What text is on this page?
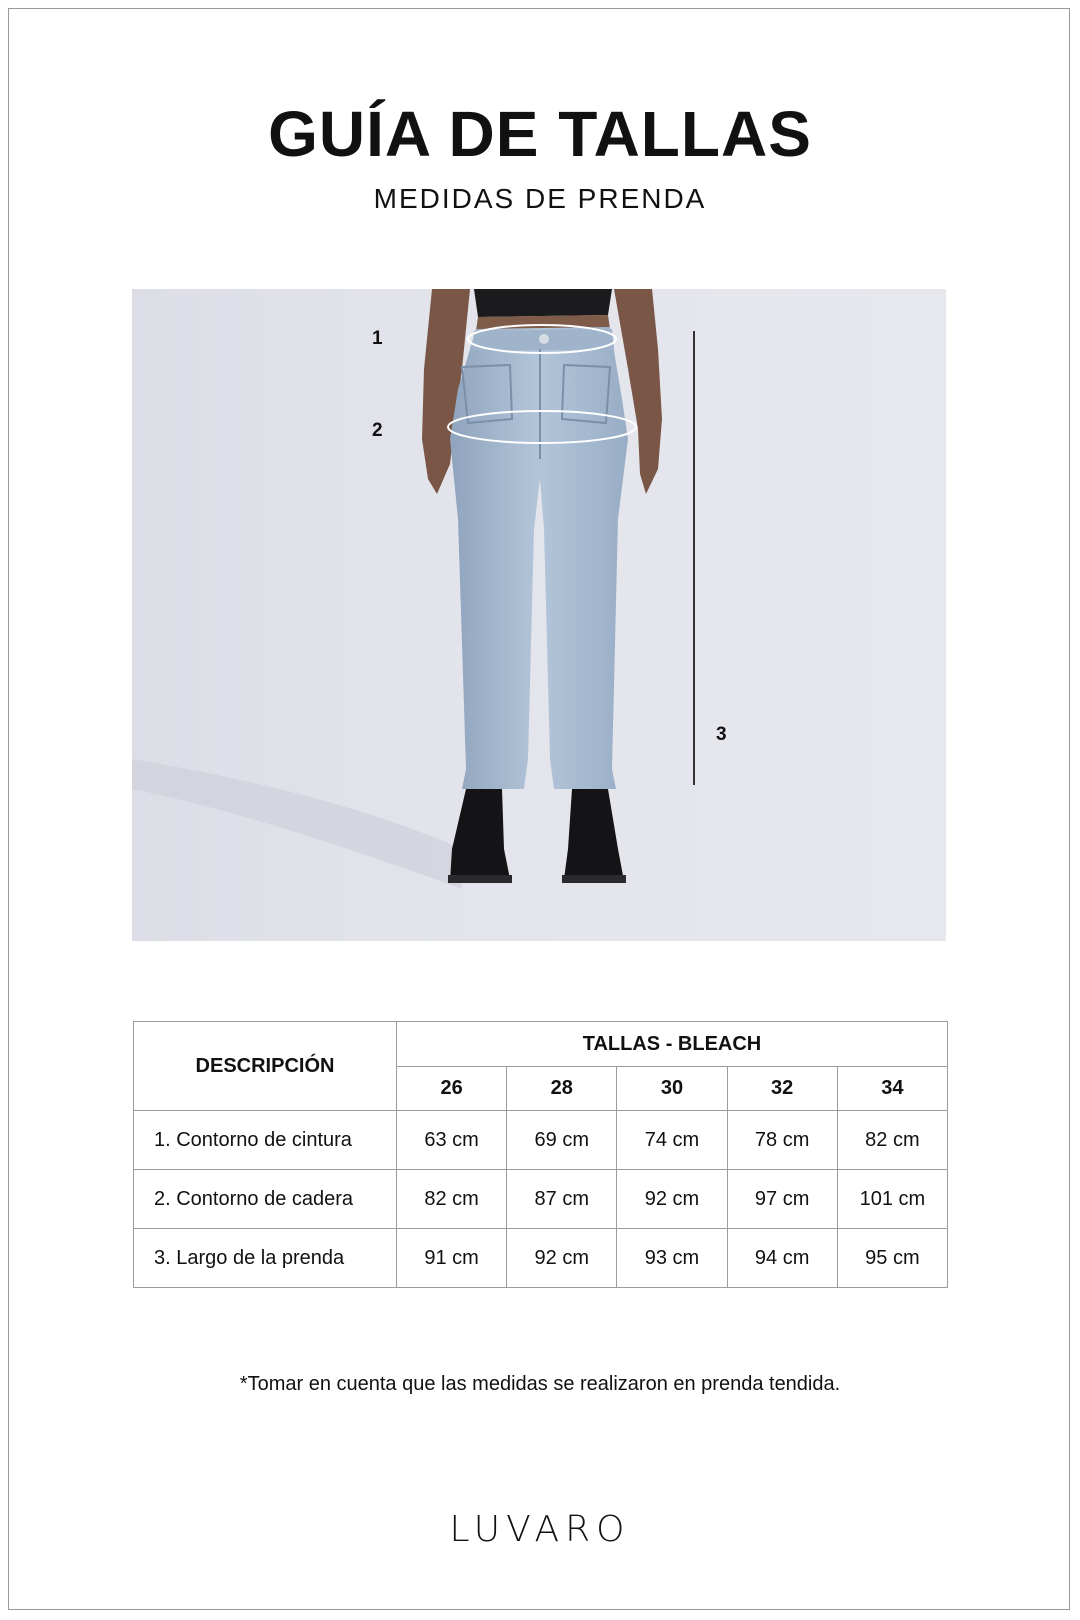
GUÍA DE TALLAS
MEDIDAS DE PRENDA
1
2
3
DESCRIPCIÓN	TALLAS - BLEACH				
	26	28	30	32	34
1. Contorno de cintura	63 cm	69 cm	74 cm	78 cm	82 cm
2. Contorno de cadera	82 cm	87 cm	92 cm	97 cm	101 cm
3. Largo de la prenda	91 cm	92 cm	93 cm	94 cm	95 cm
*Tomar en cuenta que las medidas se realizaron en prenda tendida.
LUVARO
